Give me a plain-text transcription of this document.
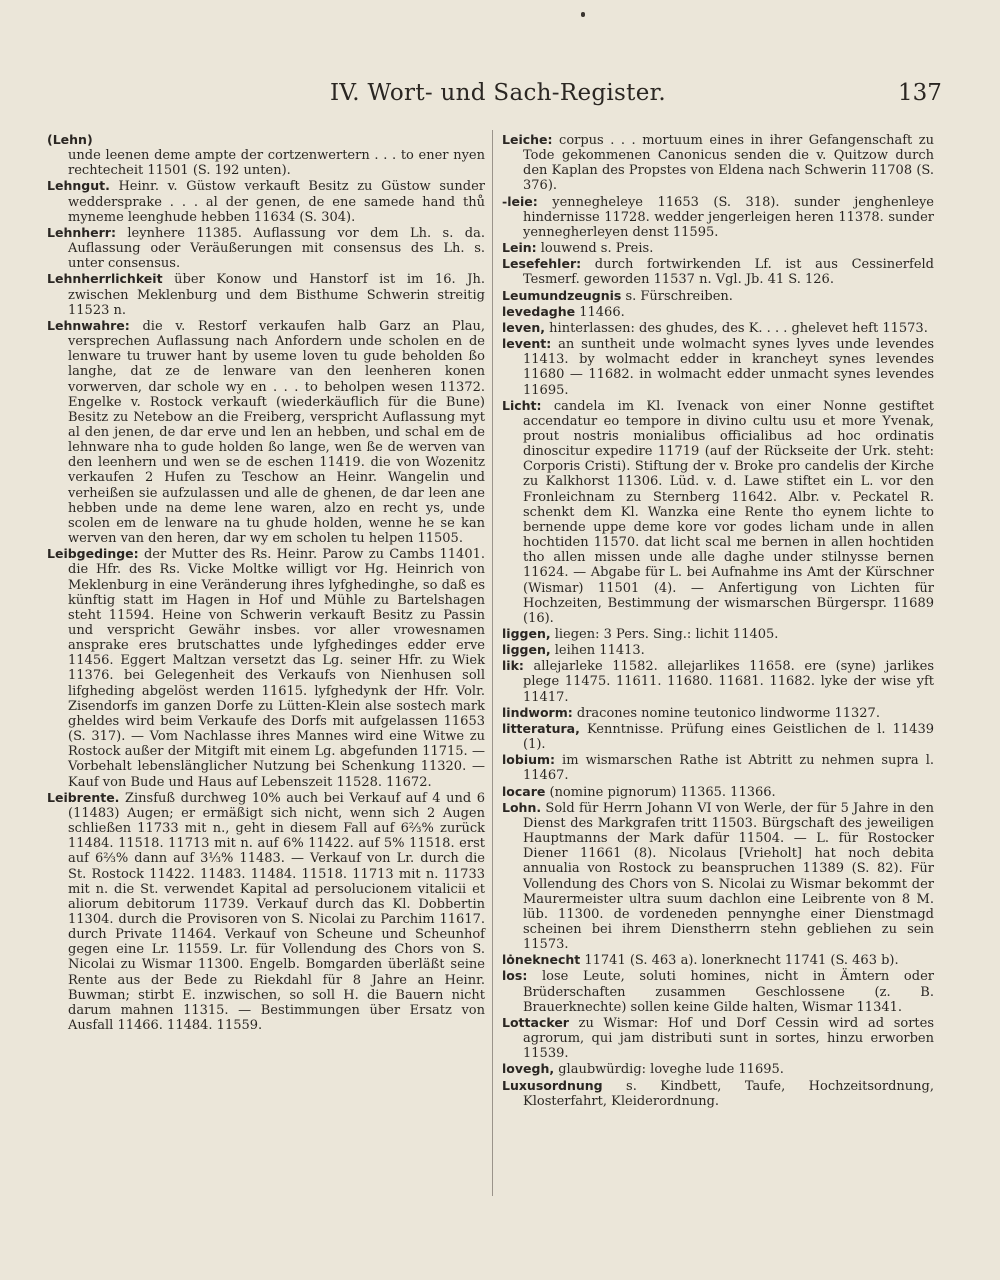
IV. Wort- und Sach-Register.	137

(Lehn)
unde leenen deme ampte der cortzenwertern . . . to ener nyen rechtecheit 11501 (S. 192 unten).

Lehngut. Heinr. v. Güstow verkauft Besitz zu Güstow sunder weddersprake . . . al der genen, de ene samede hand thů myneme leenghude hebben 11634 (S. 304).

Lehnherr: leynhere 11385. Auflassung vor dem Lh. s. da. Auflassung oder Veräußerungen mit consensus des Lh. s. unter consensus.

Lehnherrlichkeit über Konow und Hanstorf ist im 16. Jh. zwischen Meklenburg und dem Bisthume Schwerin streitig 11523 n.

Lehnwahre: die v. Restorf verkaufen halb Garz an Plau, versprechen Auflassung nach Anfordern unde scholen en de lenware tu truwer hant by useme loven tu gude beholden ßo langhe, dat ze de lenware van den leenheren konen vorwerven, dar schole wy en . . . to beholpen wesen 11372. Engelke v. Rostock verkauft (wiederkäuflich für die Bune) Besitz zu Netebow an die Freiberg, verspricht Auflassung myt al den jenen, de dar erve und len an hebben, und schal em de lehnware nha to gude holden ßo lange, wen ße de werven van den leenhern und wen se de eschen 11419. die von Wozenitz verkaufen 2 Hufen zu Teschow an Heinr. Wangelin und verheißen sie aufzulassen und alle de ghenen, de dar leen ane hebben unde na deme lene waren, alzo en recht ys, unde scolen em de lenware na tu ghude holden, wenne he se kan werven van den heren, dar wy em scholen tu helpen 11505.

Leibgedinge: der Mutter des Rs. Heinr. Parow zu Cambs 11401. die Hfr. des Rs. Vicke Moltke willigt vor Hg. Heinrich von Meklenburg in eine Veränderung ihres lyfghedinghe, so daß es künftig statt im Hagen in Hof und Mühle zu Bartelshagen steht 11594. Heine von Schwerin verkauft Besitz zu Passin und verspricht Gewähr insbes. vor aller vrowesnamen ansprake eres brutschattes unde lyfghedinges edder erve 11456. Eggert Maltzan versetzt das Lg. seiner Hfr. zu Wiek 11376. bei Gelegenheit des Verkaufs von Nienhusen soll lifgheding abgelöst werden 11615. lyfghedynk der Hfr. Volr. Zisendorfs im ganzen Dorfe zu Lütten-Klein alse sostech mark gheldes wird beim Verkaufe des Dorfs mit aufgelassen 11653 (S. 317). — Vom Nachlasse ihres Mannes wird eine Witwe zu Rostock außer der Mitgift mit einem Lg. abgefunden 11715. — Vorbehalt lebenslänglicher Nutzung bei Schenkung 11320. — Kauf von Bude und Haus auf Lebenszeit 11528. 11672.

Leibrente. Zinsfuß durchweg 10% auch bei Verkauf auf 4 und 6 (11483) Augen; er ermäßigt sich nicht, wenn sich 2 Augen schließen 11733 mit n., geht in diesem Fall auf 6⅔% zurück 11484. 11518. 11713 mit n. auf 6% 11422. auf 5% 11518. erst auf 6⅔% dann auf 3⅓% 11483. — Verkauf von Lr. durch die St. Rostock 11422. 11483. 11484. 11518. 11713 mit n. 11733 mit n. die St. verwendet Kapital ad persolucionem vitalicii et aliorum debitorum 11739. Verkauf durch das Kl. Dobbertin 11304. durch die Provisoren von S. Nicolai zu Parchim 11617. durch Private 11464. Verkauf von Scheune und Scheunhof gegen eine Lr. 11559. Lr. für Vollendung des Chors von S. Nicolai zu Wismar 11300. Engelb. Bomgarden überläßt seine Rente aus der Bede zu Riekdahl für 8 Jahre an Heinr. Buwman; stirbt E. inzwischen, so soll H. die Bauern nicht darum mahnen 11315. — Bestimmungen über Ersatz von Ausfall 11466. 11484. 11559.

Leiche: corpus . . . mortuum eines in ihrer Gefangenschaft zu Tode gekommenen Canonicus senden die v. Quitzow durch den Kaplan des Propstes von Eldena nach Schwerin 11708 (S. 376).

-leie: yennegheleye 11653 (S. 318). sunder jenghenleye hindernisse 11728. wedder jengerleigen heren 11378. sunder yennegherleyen denst 11595.

Lein: louwend s. Preis.

Lesefehler: durch fortwirkenden Lf. ist aus Cessinerfeld Tesmerf. geworden 11537 n. Vgl. Jb. 41 S. 126.

Leumundzeugnis s. Fürschreiben.

levedaghe 11466.

leven, hinterlassen: des ghudes, des K. . . . ghelevet heft 11573.

levent: an suntheit unde wolmacht synes lyves unde levendes 11413. by wolmacht edder in krancheyt synes levendes 11680 — 11682. in wolmacht edder unmacht synes levendes 11695.

Licht: candela im Kl. Ivenack von einer Nonne gestiftet accendatur eo tempore in divino cultu usu et more Yvenak, prout nostris monialibus officialibus ad hoc ordinatis dinoscitur expedire 11719 (auf der Rückseite der Urk. steht: Corporis Cristi). Stiftung der v. Broke pro candelis der Kirche zu Kalkhorst 11306. Lüd. v. d. Lawe stiftet ein L. vor den Fronleichnam zu Sternberg 11642. Albr. v. Peckatel R. schenkt dem Kl. Wanzka eine Rente tho eynem lichte to bernende uppe deme kore vor godes licham unde in allen hochtiden 11570. dat licht scal me bernen in allen hochtiden tho allen missen unde alle daghe under stilnysse bernen 11624. — Abgabe für L. bei Aufnahme ins Amt der Kürschner (Wismar) 11501 (4). — Anfertigung von Lichten für Hochzeiten, Bestimmung der wismarschen Bürgerspr. 11689 (16).

liggen, liegen: 3 Pers. Sing.: lichit 11405.

liggen, leihen 11413.

lik: allejarleke 11582. allejarlikes 11658. ere (syne) jarlikes plege 11475. 11611. 11680. 11681. 11682. lyke der wise yft 11417.

lindworm: dracones nomine teutonico lindworme 11327.

litteratura, Kenntnisse. Prüfung eines Geistlichen de l. 11439 (1).

lobium: im wismarschen Rathe ist Abtritt zu nehmen supra l. 11467.

locare (nomine pignorum) 11365. 11366.

Lohn. Sold für Herrn Johann VI von Werle, der für 5 Jahre in den Dienst des Markgrafen tritt 11503. Bürgschaft des jeweiligen Hauptmanns der Mark dafür 11504. — L. für Rostocker Diener 11661 (8). Nicolaus [Vrieholt] hat noch debita annualia von Rostock zu beanspruchen 11389 (S. 82). Für Vollendung des Chors von S. Nicolai zu Wismar bekommt der Maurermeister ultra suum dachlon eine Leibrente von 8 M. lüb. 11300. de vordeneden pennynghe einer Dienstmagd scheinen bei ihrem Dienstherrn stehn gebliehen zu sein 11573.

lȯneknecht 11741 (S. 463 a). lonerknecht 11741 (S. 463 b).

los: lose Leute, soluti homines, nicht in Ämtern oder Brüderschaften zusammen Geschlossene (z. B. Brauerknechte) sollen keine Gilde halten, Wismar 11341.

Lottacker zu Wismar: Hof und Dorf Cessin wird ad sortes agrorum, qui jam distributi sunt in sortes, hinzu erworben 11539.

lovegh, glaubwürdig: loveghe lude 11695.

Luxusordnung s. Kindbett, Taufe, Hochzeitsordnung, Klosterfahrt, Kleiderordnung.
